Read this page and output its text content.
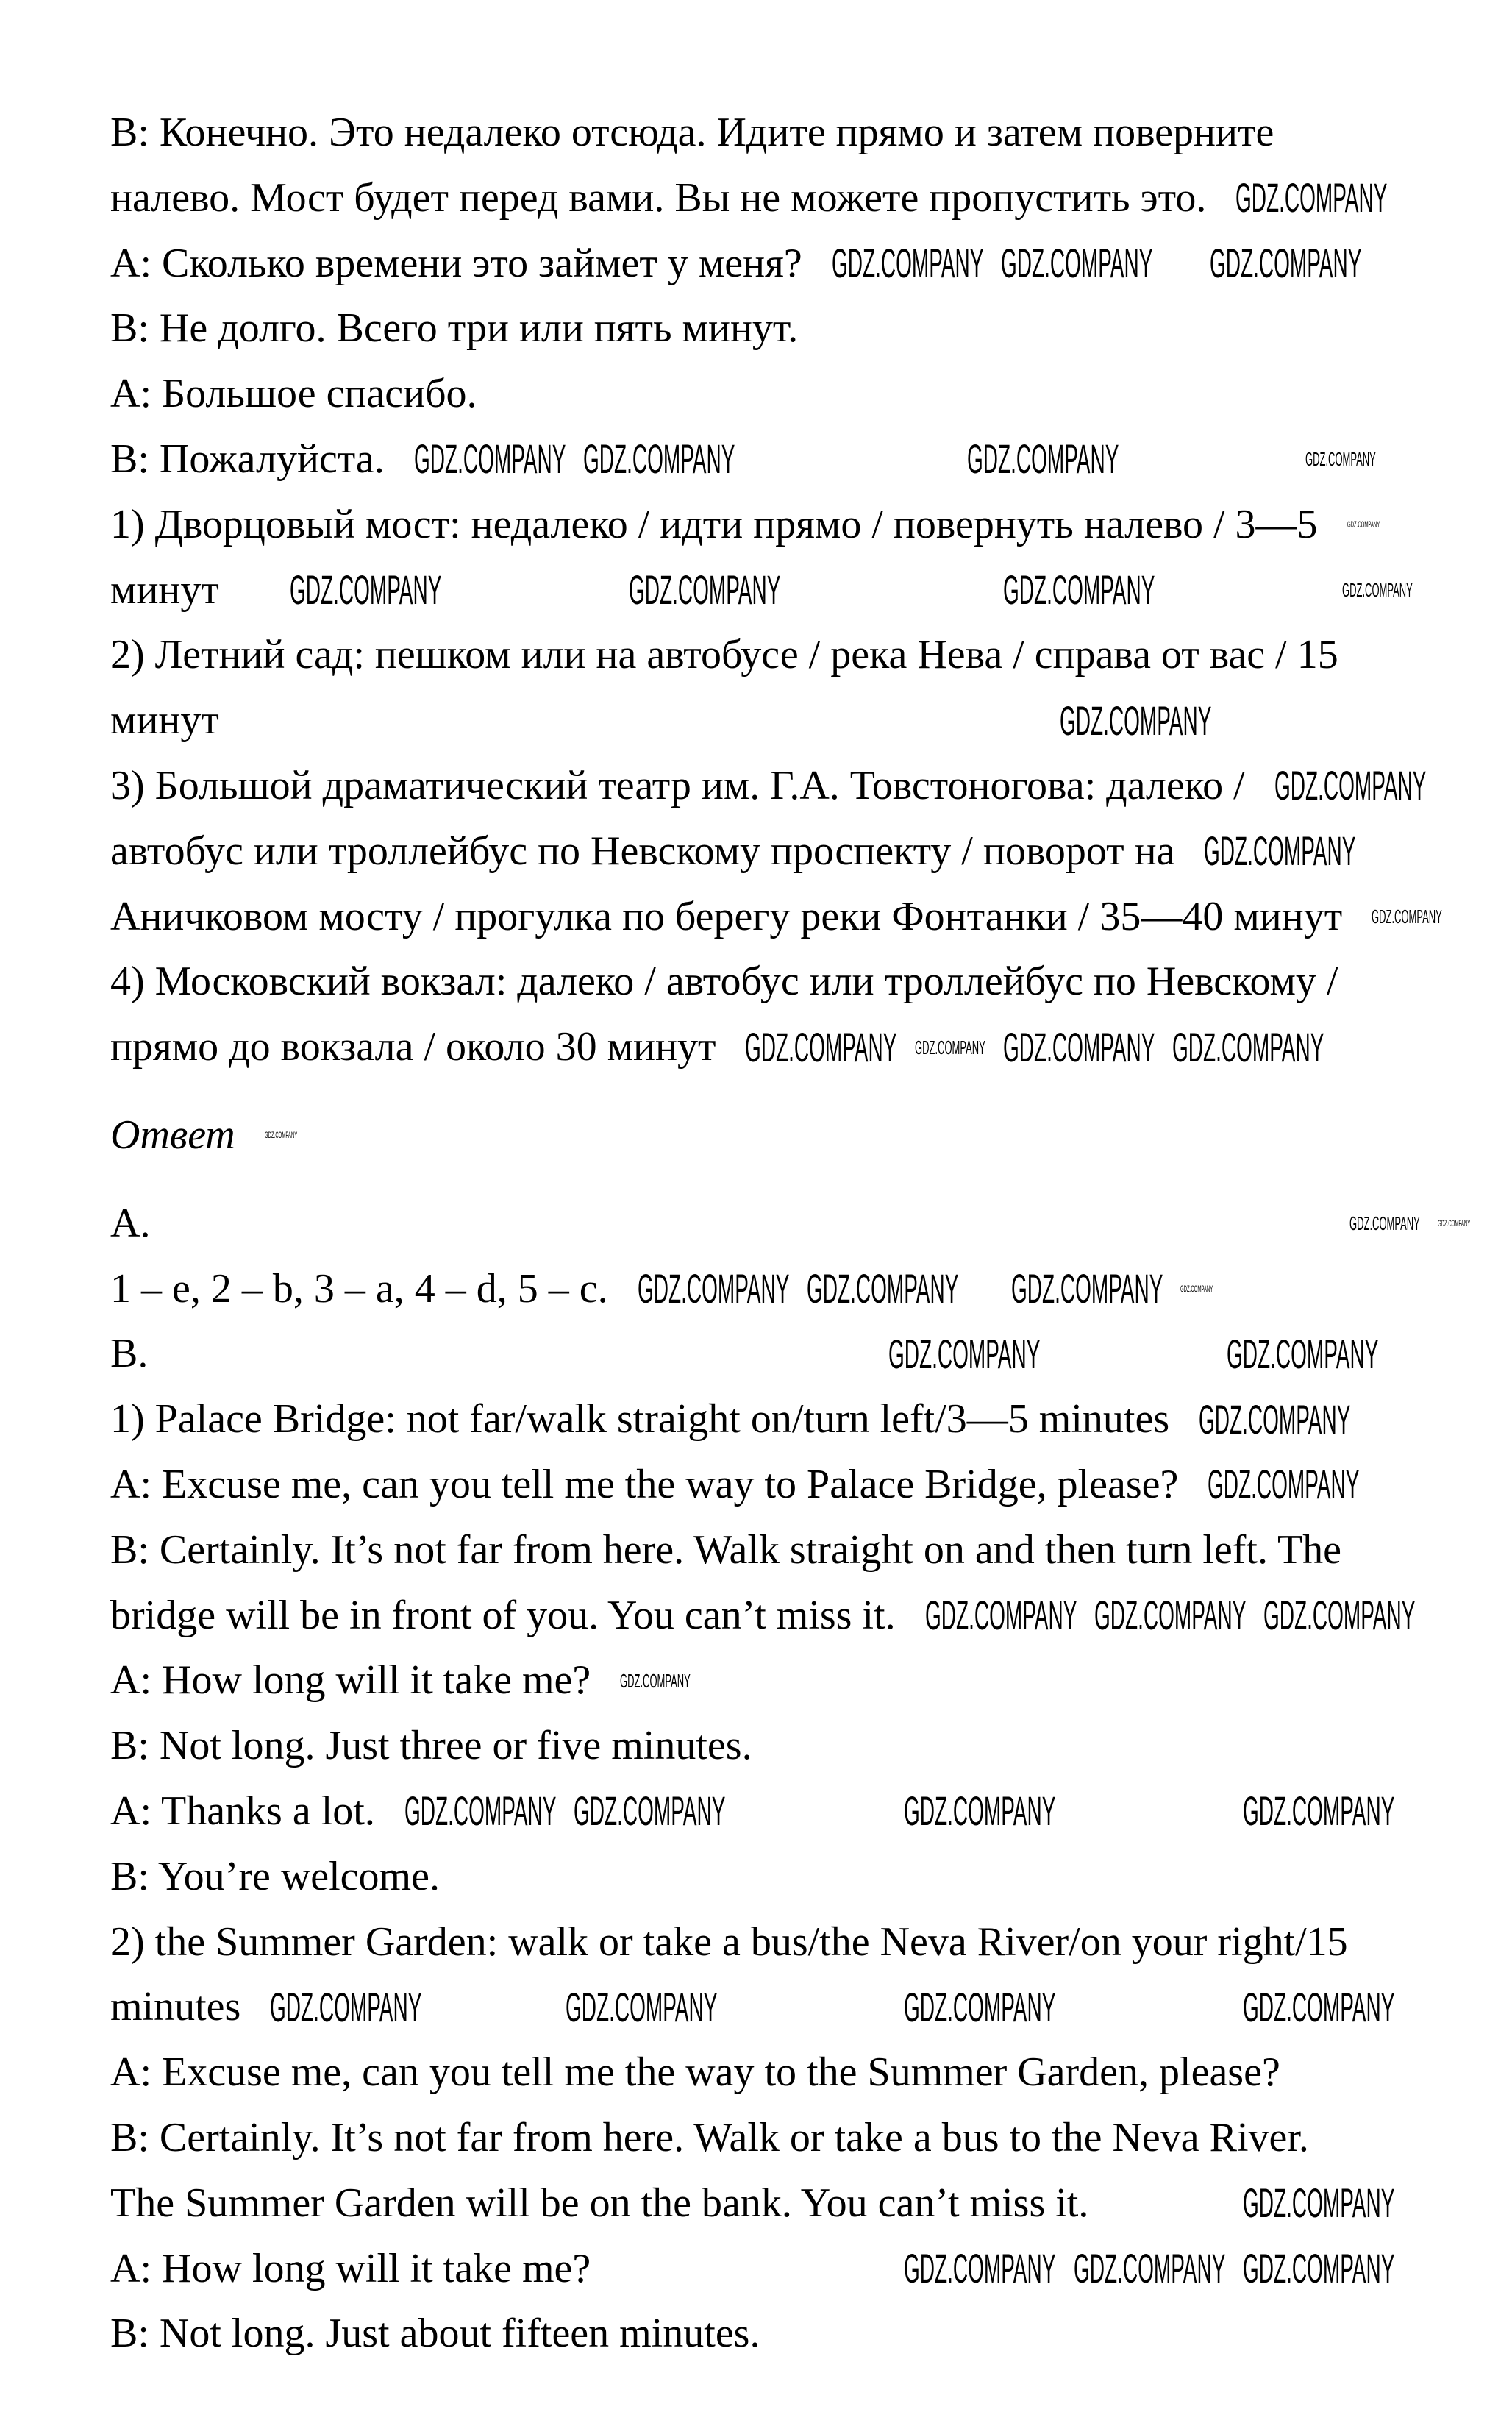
B: Конечно. Это недалеко отсюда. Идите прямо и затем поверните
налево. Мост будет перед вами. Вы не можете пропустить это.
A: Сколько времени это займет у меня?
B: Не долго. Всего три или пять минут.
A: Большое спасибо.
B: Пожалуйста.
1) Дворцовый мост: недалеко / идти прямо / повернуть налево / 3—5
минут
2) Летний сад: пешком или на автобусе / река Нева / справа от вас / 15
минут
3) Большой драматический театр им. Г.А. Товстоногова: далеко /
автобус или троллейбус по Невскому проспекту / поворот на
Аничковом мосту / прогулка по берегу реки Фонтанки / 35—40 минут
4) Московский вокзал: далеко / автобус или троллейбус по Невскому /
прямо до вокзала / около 30 минут
Ответ
A.
1 – e, 2 – b, 3 – a, 4 – d, 5 – c.
B.
1) Palace Bridge: not far/walk straight on/turn left/3—5 minutes
A: Excuse me, can you tell me the way to Palace Bridge, please?
B: Certainly. It’s not far from here. Walk straight on and then turn left. The
bridge will be in front of you. You can’t miss it.
A: How long will it take me?
B: Not long. Just three or five minutes.
A: Thanks a lot.
B: You’re welcome.
2) the Summer Garden: walk or take a bus/the Neva River/on your right/15
minutes
A: Excuse me, can you tell me the way to the Summer Garden, please?
B: Certainly. It’s not far from here. Walk or take a bus to the Neva River.
The Summer Garden will be on the bank. You can’t miss it.
A: How long will it take me?
B: Not long. Just about fifteen minutes.
GDZ.COMPANY
GDZ.COMPANY GDZ.COMPANY GDZ.COMPANY
GDZ.COMPANY GDZ.COMPANY	GDZ.COMPANY	GDZ.COMPANY
GDZ.COMPANY
GDZ.COMPANY	GDZ.COMPANY	GDZ.COMPANY	GDZ.COMPANY
GDZ.COMPANY
GDZ.COMPANY
GDZ.COMPANY
GDZ.COMPANY
GDZ.COMPANY GDZ.COMPANY GDZ.COMPANY GDZ.COMPANY
GDZ.COMPANY
GDZ.COMPANY GDZ.COMPANY
GDZ.COMPANY GDZ.COMPANY GDZ.COMPANY GDZ.COMPANY
GDZ.COMPANY
GDZ.COMPANY
GDZ.COMPANY	GDZ.COMPANY
GDZ.COMPANY
GDZ.COMPANY GDZ.COMPANY GDZ.COMPANY
GDZ.COMPANY GDZ.COMPANY	GDZ.COMPANY	GDZ.COMPANY
GDZ.COMPANY	GDZ.COMPANY	GDZ.COMPANY	GDZ.COMPANY
GDZ.COMPANY
GDZ.COMPANY
GDZ.COMPANY GDZ.COMPANY
